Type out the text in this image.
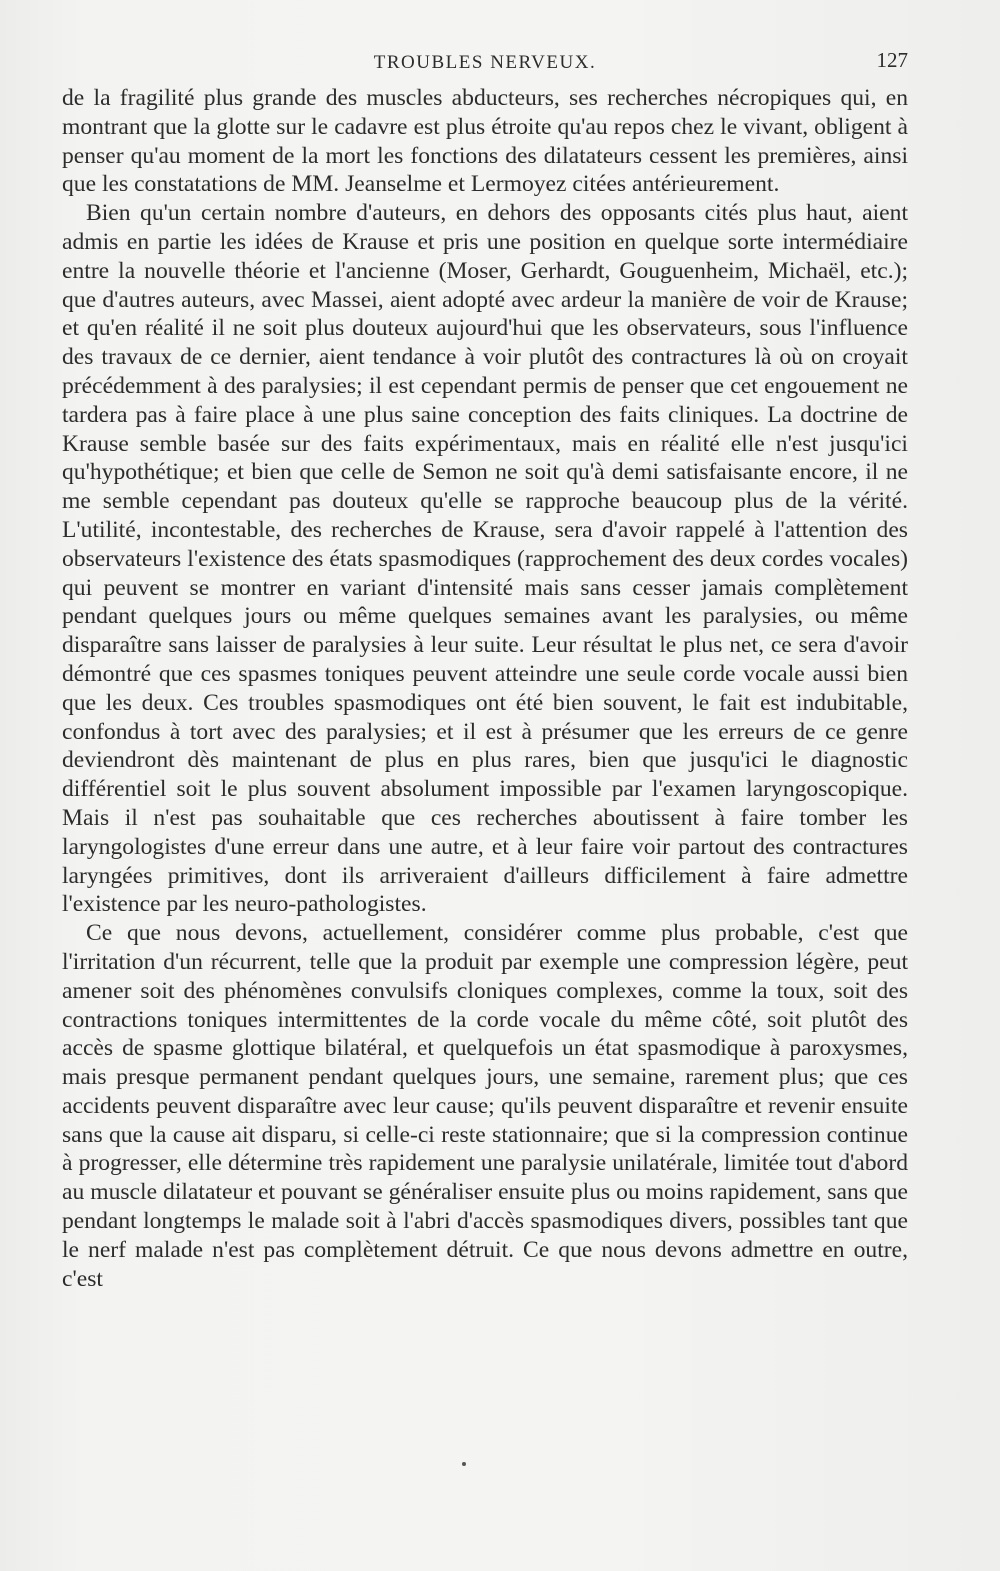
TROUBLES NERVEUX.	127

de la fragilité plus grande des muscles abducteurs, ses recherches nécropiques qui, en montrant que la glotte sur le cadavre est plus étroite qu'au repos chez le vivant, obligent à penser qu'au moment de la mort les fonctions des dilatateurs cessent les premières, ainsi que les constatations de MM. Jeanselme et Lermoyez citées antérieurement.

Bien qu'un certain nombre d'auteurs, en dehors des opposants cités plus haut, aient admis en partie les idées de Krause et pris une position en quelque sorte intermédiaire entre la nouvelle théorie et l'ancienne (Moser, Gerhardt, Gouguenheim, Michaël, etc.); que d'autres auteurs, avec Massei, aient adopté avec ardeur la manière de voir de Krause; et qu'en réalité il ne soit plus douteux aujourd'hui que les observateurs, sous l'influence des travaux de ce dernier, aient tendance à voir plutôt des contractures là où on croyait précédemment à des paralysies; il est cependant permis de penser que cet engouement ne tardera pas à faire place à une plus saine conception des faits cliniques. La doctrine de Krause semble basée sur des faits expérimentaux, mais en réalité elle n'est jusqu'ici qu'hypothétique; et bien que celle de Semon ne soit qu'à demi satisfaisante encore, il ne me semble cependant pas douteux qu'elle se rapproche beaucoup plus de la vérité. L'utilité, incontestable, des recherches de Krause, sera d'avoir rappelé à l'attention des observateurs l'existence des états spasmodiques (rapprochement des deux cordes vocales) qui peuvent se montrer en variant d'intensité mais sans cesser jamais complètement pendant quelques jours ou même quelques semaines avant les paralysies, ou même disparaître sans laisser de paralysies à leur suite. Leur résultat le plus net, ce sera d'avoir démontré que ces spasmes toniques peuvent atteindre une seule corde vocale aussi bien que les deux. Ces troubles spasmodiques ont été bien souvent, le fait est indubitable, confondus à tort avec des paralysies; et il est à présumer que les erreurs de ce genre deviendront dès maintenant de plus en plus rares, bien que jusqu'ici le diagnostic différentiel soit le plus souvent absolument impossible par l'examen laryngoscopique. Mais il n'est pas souhaitable que ces recherches aboutissent à faire tomber les laryngologistes d'une erreur dans une autre, et à leur faire voir partout des contractures laryngées primitives, dont ils arriveraient d'ailleurs difficilement à faire admettre l'existence par les neuro-pathologistes.

Ce que nous devons, actuellement, considérer comme plus probable, c'est que l'irritation d'un récurrent, telle que la produit par exemple une compression légère, peut amener soit des phénomènes convulsifs cloniques complexes, comme la toux, soit des contractions toniques intermittentes de la corde vocale du même côté, soit plutôt des accès de spasme glottique bilatéral, et quelquefois un état spasmodique à paroxysmes, mais presque permanent pendant quelques jours, une semaine, rarement plus; que ces accidents peuvent disparaître avec leur cause; qu'ils peuvent disparaître et revenir ensuite sans que la cause ait disparu, si celle-ci reste stationnaire; que si la compression continue à progresser, elle détermine très rapidement une paralysie unilatérale, limitée tout d'abord au muscle dilatateur et pouvant se généraliser ensuite plus ou moins rapidement, sans que pendant longtemps le malade soit à l'abri d'accès spasmodiques divers, possibles tant que le nerf malade n'est pas complètement détruit. Ce que nous devons admettre en outre, c'est
